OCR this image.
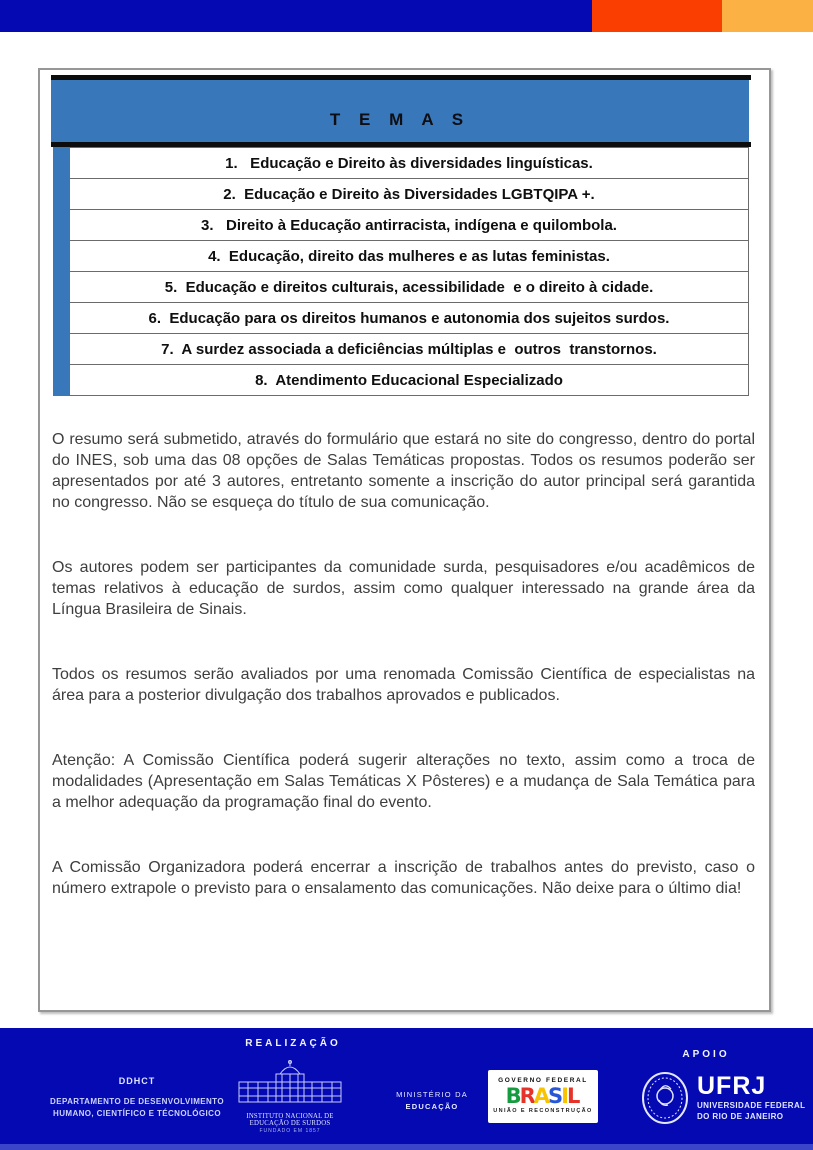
T E M A S
1.   Educação e Direito às diversidades linguísticas.
2.  Educação e Direito às Diversidades LGBTQIPA +.
3.   Direito à Educação antirracista, indígena e quilombola.
4.  Educação, direito das mulheres e as lutas feministas.
5.  Educação e direitos culturais, acessibilidade  e o direito à cidade.
6.  Educação para os direitos humanos e autonomia dos sujeitos surdos.
7.  A surdez associada a deficiências múltiplas e  outros  transtornos.
8.  Atendimento Educacional Especializado

O resumo será submetido, através do formulário que estará no site do congresso, dentro do portal do INES, sob uma das 08 opções de Salas Temáticas propostas. Todos os resumos poderão ser apresentados por até 3 autores, entretanto somente a inscrição do autor principal será garantida no congresso. Não se esqueça do título de sua comunicação.

Os autores podem ser participantes da comunidade surda, pesquisadores e/ou acadêmicos de temas relativos à educação de surdos, assim como qualquer interessado na grande área da Língua Brasileira de Sinais.

Todos os resumos serão avaliados por uma renomada Comissão Científica de especialistas na área para a posterior divulgação dos trabalhos aprovados e publicados.

Atenção: A Comissão Científica poderá sugerir alterações no texto, assim como a troca de modalidades (Apresentação em Salas Temáticas X Pôsteres) e a mudança de Sala Temática para a melhor adequação da programação final do evento.

A Comissão Organizadora poderá encerrar a inscrição de trabalhos antes do previsto, caso o número extrapole o previsto para o ensalamento das comunicações. Não deixe para o último dia!

REALIZAÇÃO
APOIO
DDHCT
DEPARTAMENTO DE DESENVOLVIMENTO
HUMANO, CIENTÍFICO E TÉCNOLÓGICO	INSTITUTO NACIONAL DE EDUCAÇÃO DE SURDOS
FUNDADO EM 1857
MINISTÉRIO DA
EDUCAÇÃO
GOVERNO FEDERAL
BRASIL
UNIÃO E RECONSTRUÇÃO
UFRJ
UNIVERSIDADE FEDERAL
DO RIO DE JANEIRO
